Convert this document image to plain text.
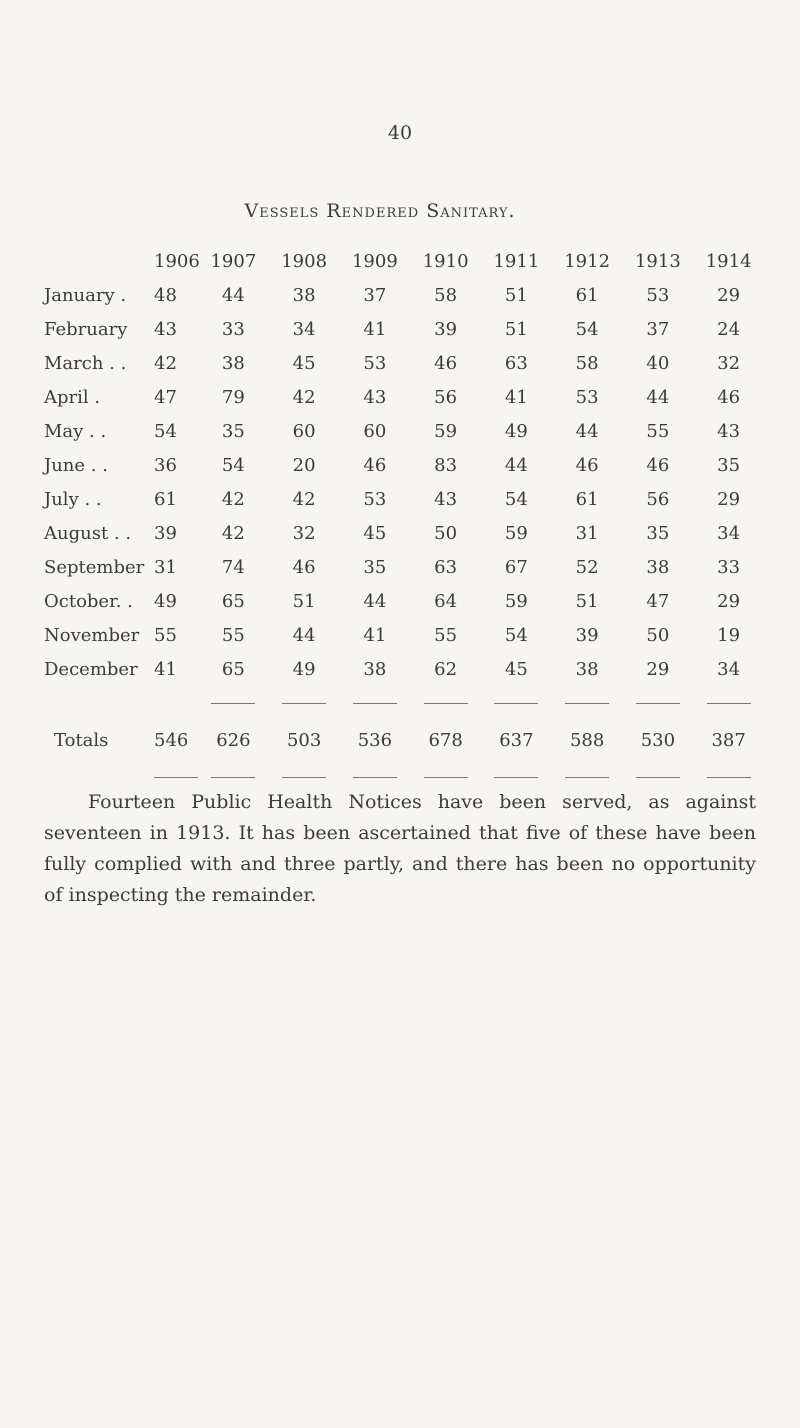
40
Vessels Rendered Sanitary.
	1906	1907	1908	1909	1910	1911	1912	1913	1914
January .	48	44	38	37	58	51	61	53	29
February	43	33	34	41	39	51	54	37	24
March . .	42	38	45	53	46	63	58	40	32
April .	47	79	42	43	56	41	53	44	46
May . .	54	35	60	60	59	49	44	55	43
June . .	36	54	20	46	83	44	46	46	35
July . .	61	42	42	53	43	54	61	56	29
August . .	39	42	32	45	50	59	31	35	34
September	31	74	46	35	63	67	52	38	33
October. .	49	65	51	44	64	59	51	47	29
November	55	55	44	41	55	54	39	50	19
December	41	65	49	38	62	45	38	29	34

Totals	546	626	503	536	678	637	588	530	387

Fourteen Public Health Notices have been served, as against seventeen in 1913. It has been ascertained that five of these have been fully complied with and three partly, and there has been no opportunity of inspecting the remainder.
